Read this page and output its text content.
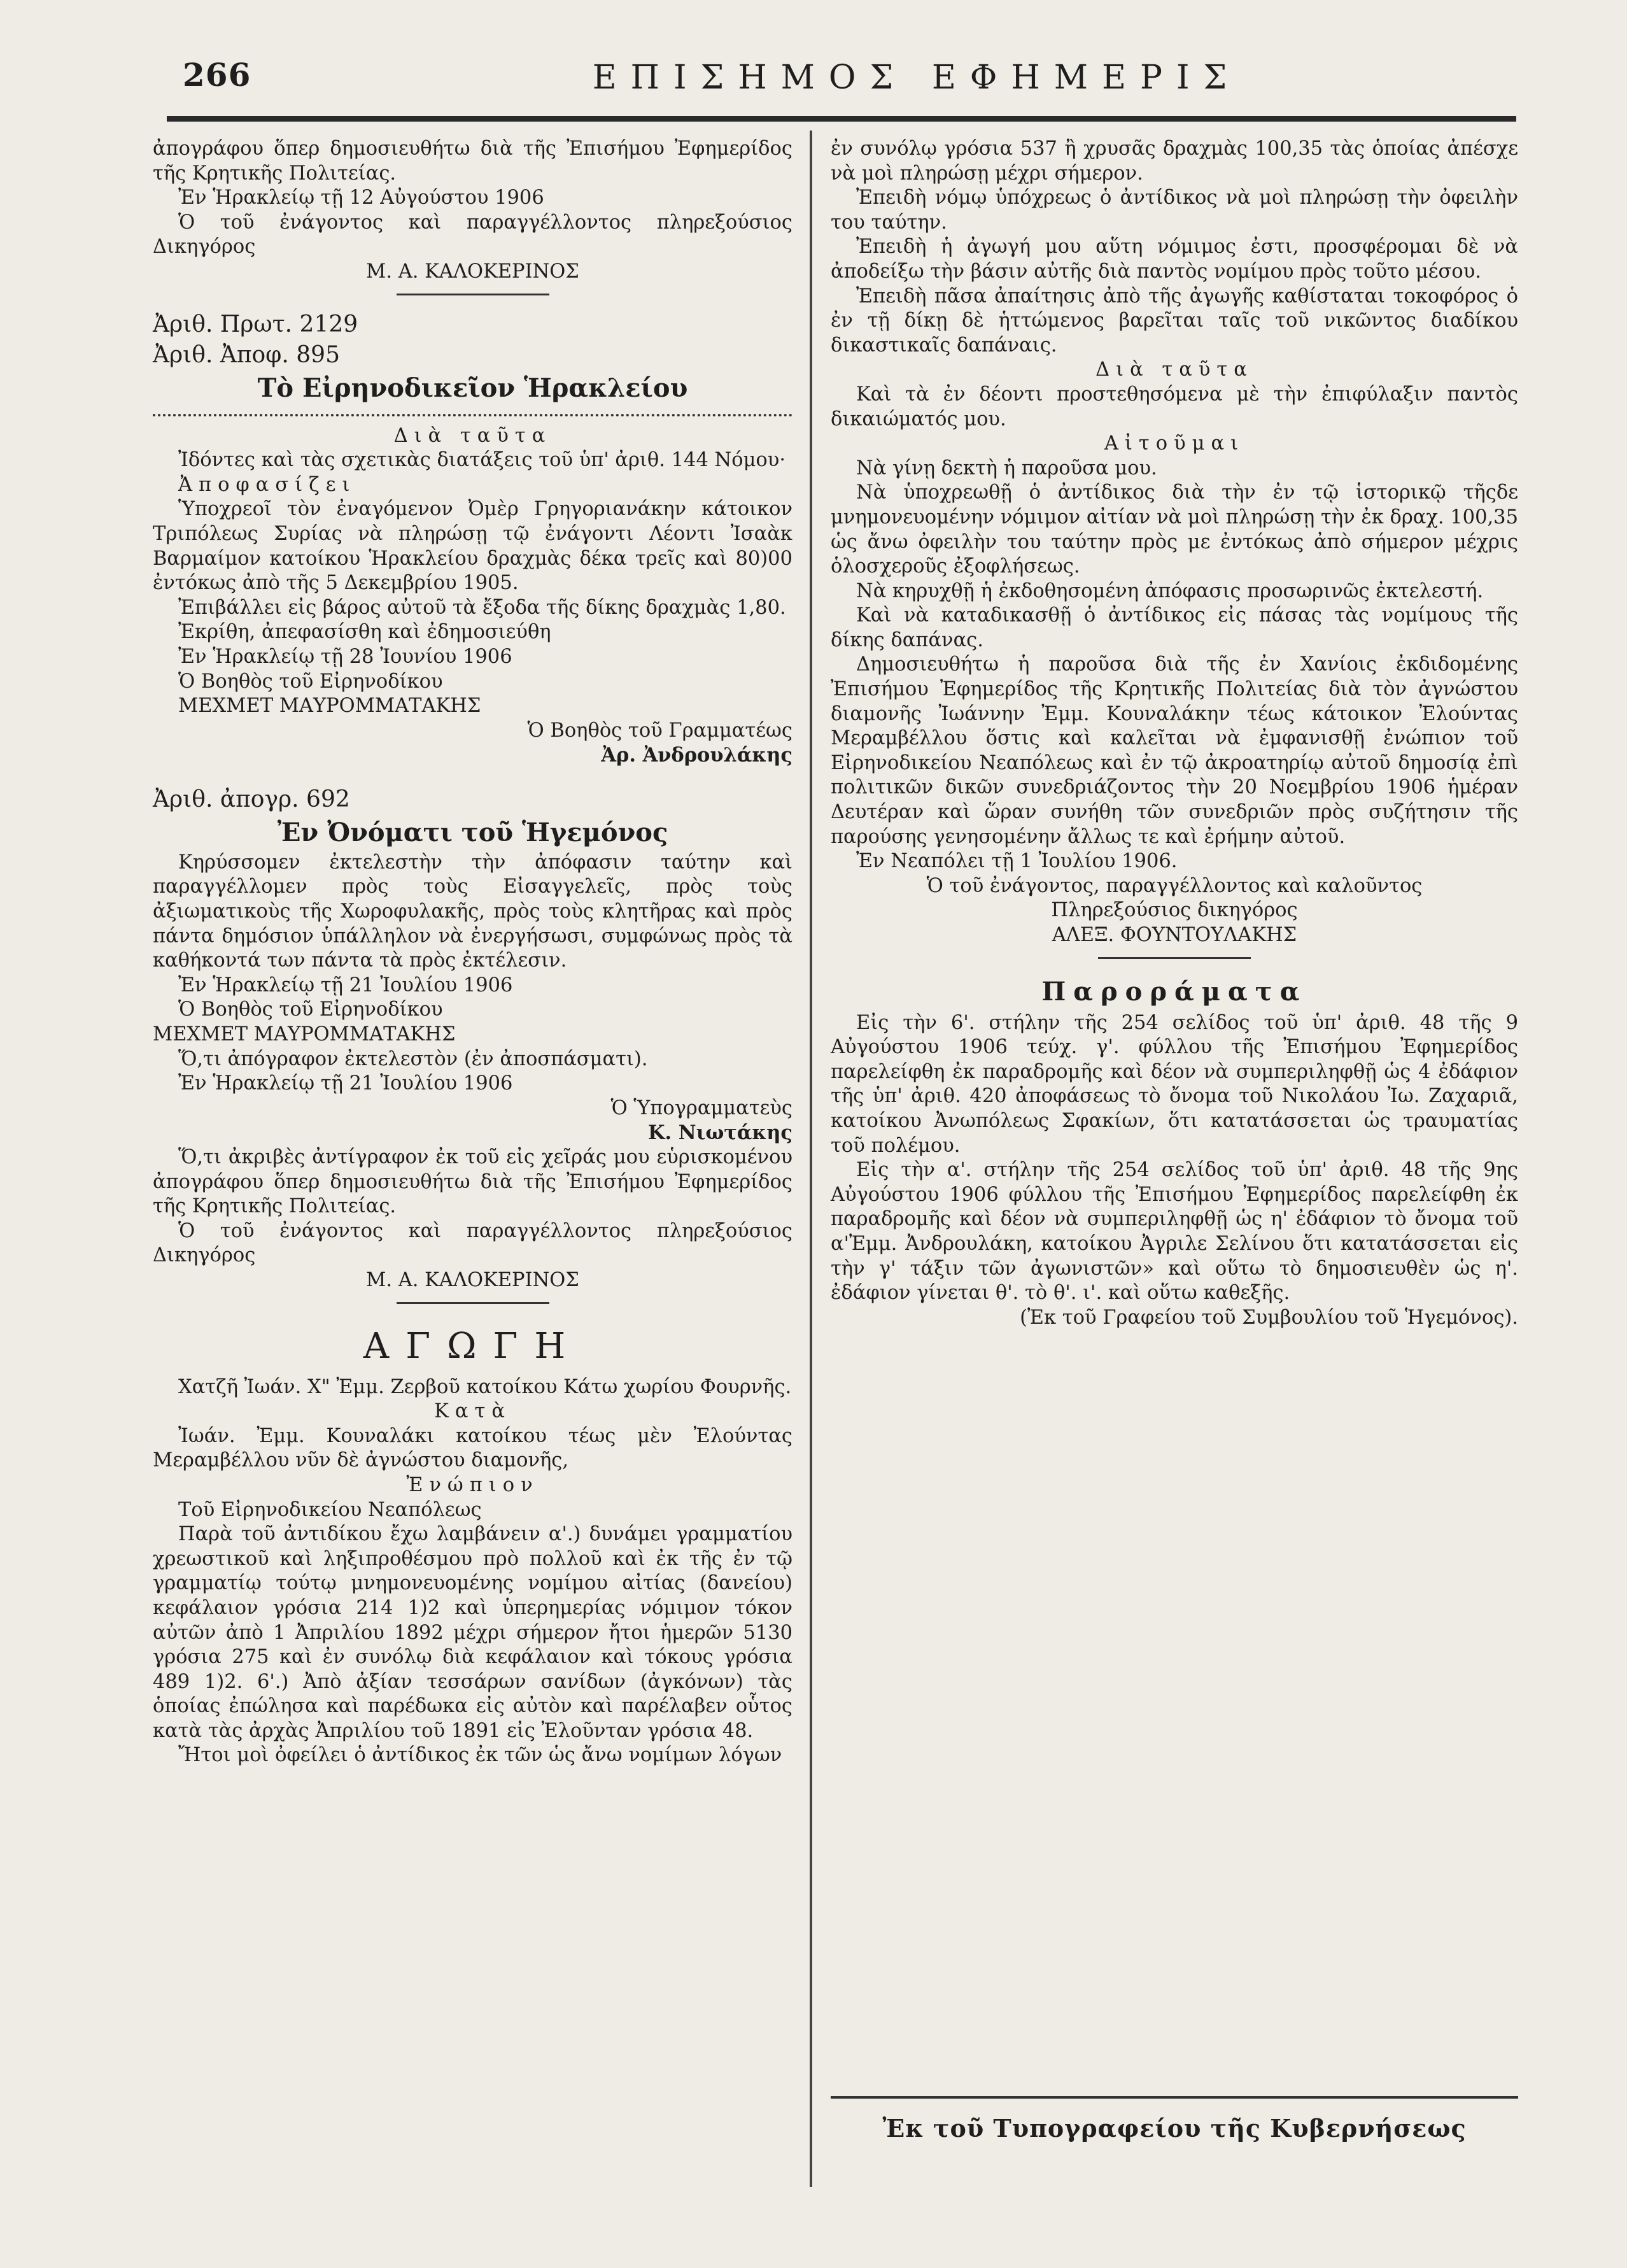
266	ΕΠΙΣΗΜΟΣ ΕΦΗΜΕΡΙΣ

ἀπογράφου ὅπερ δημοσιευθήτω διὰ τῆς Ἐπισήμου Ἐφημερίδος τῆς Κρητικῆς Πολιτείας.

Ἐν Ἡρακλείῳ τῇ 12 Αὐγούστου 1906

Ὁ τοῦ ἐνάγοντος καὶ παραγγέλλοντος πληρεξούσιος Δικηγόρος

Μ. Α. ΚΑΛΟΚΕΡΙΝΟΣ

Ἀριθ. Πρωτ. 2129

Ἀριθ. Ἀποφ. 895

Τὸ Εἰρηνοδικεῖον Ἡρακλείου

Διὰ ταῦτα

Ἰδόντες καὶ τὰς σχετικὰς διατάξεις τοῦ ὑπ' ἀριθ. 144 Νόμου·

Ἀποφασίζει

Ὑποχρεοῖ τὸν ἐναγόμενον Ὀμὲρ Γρηγοριανάκην κάτοικον Τριπόλεως Συρίας νὰ πληρώσῃ τῷ ἐνάγοντι Λέοντι Ἰσαὰκ Βαρμαίμον κατοίκου Ἡρακλείου δραχμὰς δέκα τρεῖς καὶ 80)00 ἐντόκως ἀπὸ τῆς 5 Δεκεμβρίου 1905.

Ἐπιβάλλει εἰς βάρος αὐτοῦ τὰ ἔξοδα τῆς δίκης δραχμὰς 1,80.

Ἐκρίθη, ἀπεφασίσθη καὶ ἐδημοσιεύθη

Ἐν Ἡρακλείῳ τῇ 28 Ἰουνίου 1906

Ὁ Βοηθὸς τοῦ Εἰρηνοδίκου

ΜΕΧΜΕΤ ΜΑΥΡΟΜΜΑΤΑΚΗΣ

Ὁ Βοηθὸς τοῦ Γραμματέως

Ἀρ. Ἀνδρουλάκης

Ἀριθ. ἀπογρ. 692

Ἐν Ὀνόματι τοῦ Ἡγεμόνος

Κηρύσσομεν ἐκτελεστὴν τὴν ἀπόφασιν ταύτην καὶ παραγγέλλομεν πρὸς τοὺς Εἰσαγγελεῖς, πρὸς τοὺς ἀξιωματικοὺς τῆς Χωροφυλακῆς, πρὸς τοὺς κλητῆρας καὶ πρὸς πάντα δημόσιον ὑπάλληλον νὰ ἐνεργήσωσι, συμφώνως πρὸς τὰ καθήκοντά των πάντα τὰ πρὸς ἐκτέλεσιν.

Ἐν Ἡρακλείῳ τῇ 21 Ἰουλίου 1906

Ὁ Βοηθὸς τοῦ Εἰρηνοδίκου

ΜΕΧΜΕΤ ΜΑΥΡΟΜΜΑΤΑΚΗΣ

Ὅ,τι ἀπόγραφον ἐκτελεστὸν (ἐν ἀποσπάσματι).

Ἐν Ἡρακλείῳ τῇ 21 Ἰουλίου 1906

Ὁ Ὑπογραμματεὺς

Κ. Νιωτάκης

Ὅ,τι ἀκριβὲς ἀντίγραφον ἐκ τοῦ εἰς χεῖράς μου εὑρισκομένου ἀπογράφου ὅπερ δημοσιευθήτω διὰ τῆς Ἐπισήμου Ἐφημερίδος τῆς Κρητικῆς Πολιτείας.

Ὁ τοῦ ἐνάγοντος καὶ παραγγέλλοντος πληρεξούσιος Δικηγόρος

Μ. Α. ΚΑΛΟΚΕΡΙΝΟΣ

ΑΓΩΓΗ

Χατζῆ Ἰωάν. Χ" Ἐμμ. Ζερβοῦ κατοίκου Κάτω χωρίου Φουρνῆς.

Κατὰ

Ἰωάν. Ἐμμ. Κουναλάκι κατοίκου τέως μὲν Ἐλούντας Μεραμβέλλου νῦν δὲ ἀγνώστου διαμονῆς,

Ἐνώπιον

Τοῦ Εἰρηνοδικείου Νεαπόλεως

Παρὰ τοῦ ἀντιδίκου ἔχω λαμβάνειν α'.) δυνάμει γραμματίου χρεωστικοῦ καὶ ληξιπροθέσμου πρὸ πολλοῦ καὶ ἐκ τῆς ἐν τῷ γραμματίῳ τούτῳ μνημονευομένης νομίμου αἰτίας (δανείου) κεφάλαιον γρόσια 214 1)2 καὶ ὑπερημερίας νόμιμον τόκον αὐτῶν ἀπὸ 1 Ἀπριλίου 1892 μέχρι σήμερον ἤτοι ἡμερῶν 5130 γρόσια 275 καὶ ἐν συνόλῳ διὰ κεφάλαιον καὶ τόκους γρόσια 489 1)2. 6'.) Ἀπὸ ἀξίαν τεσσάρων σανίδων (ἀγκόνων) τὰς ὁποίας ἐπώλησα καὶ παρέδωκα εἰς αὐτὸν καὶ παρέλαβεν οὗτος κατὰ τὰς ἀρχὰς Ἀπριλίου τοῦ 1891 εἰς Ἐλοῦνταν γρόσια 48.

Ἤτοι μοὶ ὀφείλει ὁ ἀντίδικος ἐκ τῶν ὡς ἄνω νομίμων λόγων

ἐν συνόλῳ γρόσια 537 ἢ χρυσᾶς δραχμὰς 100,35 τὰς ὁποίας ἀπέσχε νὰ μοὶ πληρώσῃ μέχρι σήμερον.

Ἐπειδὴ νόμῳ ὑπόχρεως ὁ ἀντίδικος νὰ μοὶ πληρώσῃ τὴν ὀφειλὴν του ταύτην.

Ἐπειδὴ ἡ ἀγωγή μου αὕτη νόμιμος ἐστι, προσφέρομαι δὲ νὰ ἀποδείξω τὴν βάσιν αὐτῆς διὰ παντὸς νομίμου πρὸς τοῦτο μέσου.

Ἐπειδὴ πᾶσα ἀπαίτησις ἀπὸ τῆς ἀγωγῆς καθίσταται τοκοφόρος ὁ ἐν τῇ δίκῃ δὲ ἡττώμενος βαρεῖται ταῖς τοῦ νικῶντος διαδίκου δικαστικαῖς δαπάναις.

Διὰ ταῦτα

Καὶ τὰ ἐν δέοντι προστεθησόμενα μὲ τὴν ἐπιφύλαξιν παντὸς δικαιώματός μου.

Αἰτοῦμαι

Νὰ γίνῃ δεκτὴ ἡ παροῦσα μου.

Νὰ ὑποχρεωθῇ ὁ ἀντίδικος διὰ τὴν ἐν τῷ ἱστορικῷ τῆςδε μνημονευομένην νόμιμον αἰτίαν νὰ μοὶ πληρώσῃ τὴν ἐκ δραχ. 100,35 ὡς ἄνω ὀφειλὴν του ταύτην πρὸς με ἐντόκως ἀπὸ σήμερον μέχρις ὁλοσχεροῦς ἐξοφλήσεως.

Νὰ κηρυχθῇ ἡ ἐκδοθησομένη ἀπόφασις προσωρινῶς ἐκτελεστή.

Καὶ νὰ καταδικασθῇ ὁ ἀντίδικος εἰς πάσας τὰς νομίμους τῆς δίκης δαπάνας.

Δημοσιευθήτω ἡ παροῦσα διὰ τῆς ἐν Χανίοις ἐκδιδομένης Ἐπισήμου Ἐφημερίδος τῆς Κρητικῆς Πολιτείας διὰ τὸν ἀγνώστου διαμονῆς Ἰωάννην Ἐμμ. Κουναλάκην τέως κάτοικον Ἐλούντας Μεραμβέλλου ὅστις καὶ καλεῖται νὰ ἐμφανισθῇ ἐνώπιον τοῦ Εἰρηνοδικείου Νεαπόλεως καὶ ἐν τῷ ἀκροατηρίῳ αὐτοῦ δημοσίᾳ ἐπὶ πολιτικῶν δικῶν συνεδριάζοντος τὴν 20 Νοεμβρίου 1906 ἡμέραν Δευτέραν καὶ ὥραν συνήθη τῶν συνεδριῶν πρὸς συζήτησιν τῆς παρούσης γενησομένην ἄλλως τε καὶ ἐρήμην αὐτοῦ.

Ἐν Νεαπόλει τῇ 1 Ἰουλίου 1906.

Ὁ τοῦ ἐνάγοντος, παραγγέλλοντος καὶ καλοῦντος

Πληρεξούσιος δικηγόρος

ΑΛΕΞ. ΦΟΥΝΤΟΥΛΑΚΗΣ

Παροράματα

Εἰς τὴν 6'. στήλην τῆς 254 σελίδος τοῦ ὑπ' ἀριθ. 48 τῆς 9 Αὐγούστου 1906 τεύχ. γ'. φύλλου τῆς Ἐπισήμου Ἐφημερίδος παρελείφθη ἐκ παραδρομῆς καὶ δέον νὰ συμπεριληφθῇ ὡς 4 ἐδάφιον τῆς ὑπ' ἀριθ. 420 ἀποφάσεως τὸ ὄνομα τοῦ Νικολάου Ἰω. Ζαχαριᾶ, κατοίκου Ἀνωπόλεως Σφακίων, ὅτι κατατάσσεται ὡς τραυματίας τοῦ πολέμου.

Εἰς τὴν α'. στήλην τῆς 254 σελίδος τοῦ ὑπ' ἀριθ. 48 τῆς 9ης Αὐγούστου 1906 φύλλου τῆς Ἐπισήμου Ἐφημερίδος παρελείφθη ἐκ παραδρομῆς καὶ δέον νὰ συμπεριληφθῇ ὡς η' ἐδάφιον τὸ ὄνομα τοῦ α'Ἐμμ. Ἀνδρουλάκη, κατοίκου Ἀγριλε Σελίνου ὅτι κατατάσσεται εἰς τὴν γ' τάξιν τῶν ἀγωνιστῶν» καὶ οὕτω τὸ δημοσιευθὲν ὡς η'. ἐδάφιον γίνεται θ'. τὸ θ'. ι'. καὶ οὕτω καθεξῆς.

(Ἐκ τοῦ Γραφείου τοῦ Συμβουλίου τοῦ Ἡγεμόνος).

Ἐκ τοῦ Τυπογραφείου τῆς Κυβερνήσεως
